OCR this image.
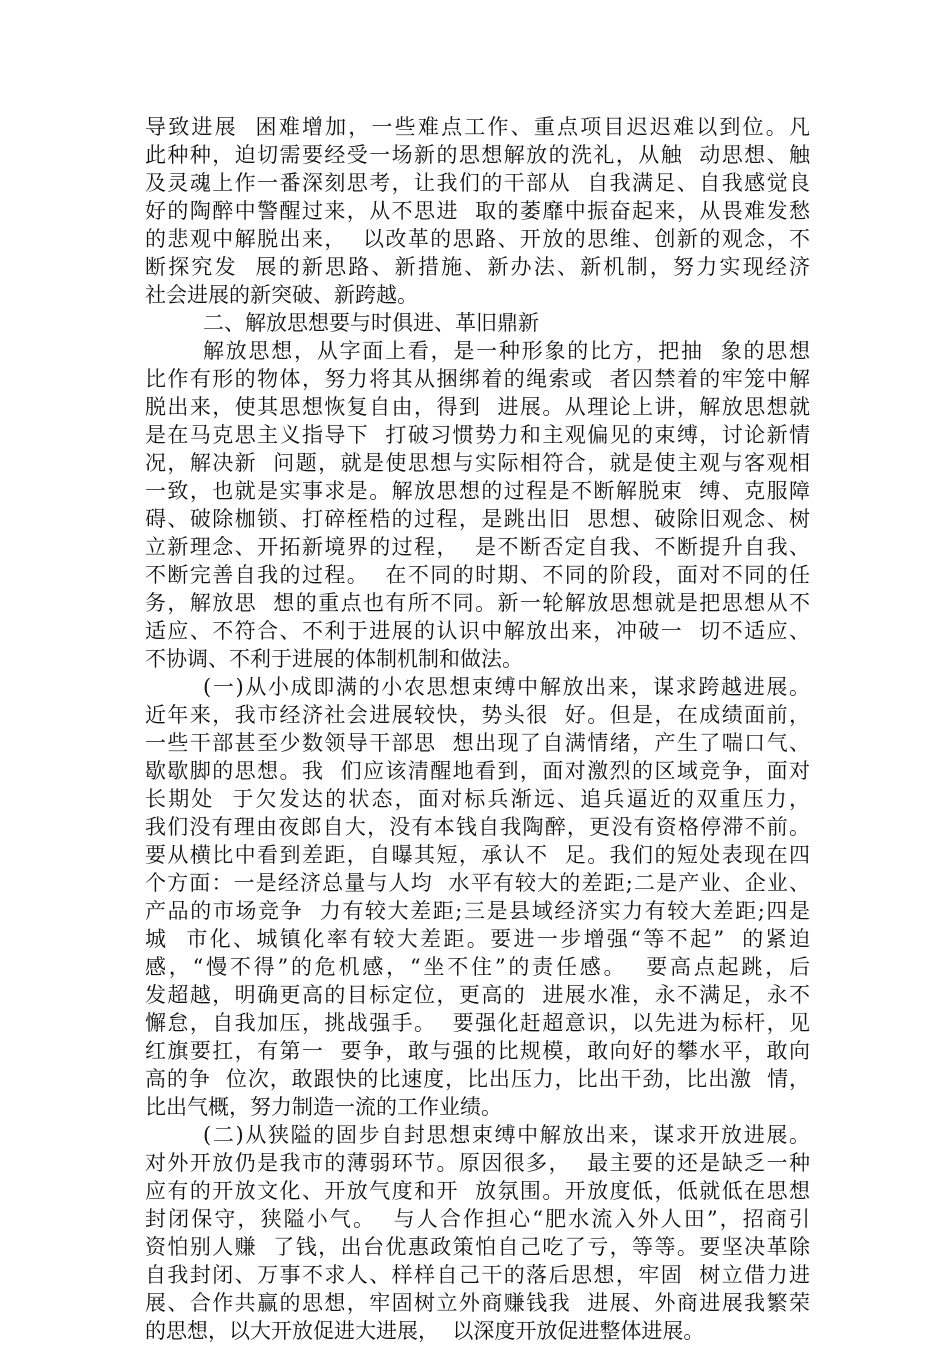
导致进展  困难增加，一些难点工作、重点项目迟迟难以到位。凡
此种种，迫切需要经受一场新的思想解放的洗礼，从触  动思想、触
及灵魂上作一番深刻思考，让我们的干部从  自我满足、自我感觉良
好的陶醉中警醒过来，从不思进  取的萎靡中振奋起来，从畏难发愁
的悲观中解脱出来，  以改革的思路、开放的思维、创新的观念，不
断探究发  展的新思路、新措施、新办法、新机制，努力实现经济
社会进展的新突破、新跨越。
二、解放思想要与时俱进、革旧鼎新
解放思想，从字面上看，是一种形象的比方，把抽  象的思想
比作有形的物体，努力将其从捆绑着的绳索或  者囚禁着的牢笼中解
脱出来，使其思想恢复自由，得到  进展。从理论上讲，解放思想就
是在马克思主义指导下  打破习惯势力和主观偏见的束缚，讨论新情
况，解决新  问题，就是使思想与实际相符合，就是使主观与客观相
一致，也就是实事求是。解放思想的过程是不断解脱束  缚、克服障
碍、破除枷锁、打碎桎梏的过程，是跳出旧  思想、破除旧观念、树
立新理念、开拓新境界的过程，  是不断否定自我、不断提升自我、
不断完善自我的过程。  在不同的时期、不同的阶段，面对不同的任
务，解放思  想的重点也有所不同。新一轮解放思想就是把思想从不
适应、不符合、不利于进展的认识中解放出来，冲破一  切不适应、
不协调、不利于进展的体制机制和做法。
(一)从小成即满的小农思想束缚中解放出来，谋求跨越进展。
近年来，我市经济社会进展较快，势头很  好。但是，在成绩面前，
一些干部甚至少数领导干部思  想出现了自满情绪，产生了喘口气、
歇歇脚的思想。我  们应该清醒地看到，面对激烈的区域竞争，面对
长期处  于欠发达的状态，面对标兵渐远、追兵逼近的双重压力，
我们没有理由夜郎自大，没有本钱自我陶醉，更没有资格停滞不前。
要从横比中看到差距，自曝其短，承认不  足。我们的短处表现在四
个方面：一是经济总量与人均  水平有较大的差距;二是产业、企业、
产品的市场竞争  力有较大差距;三是县域经济实力有较大差距;四是
城  市化、城镇化率有较大差距。要进一步增强“等不起”  的紧迫
感，“慢不得”的危机感，“坐不住”的责任感。  要高点起跳，后
发超越，明确更高的目标定位，更高的  进展水准，永不满足，永不
懈怠，自我加压，挑战强手。  要强化赶超意识，以先进为标杆，见
红旗要扛，有第一  要争，敢与强的比规模，敢向好的攀水平，敢向
高的争  位次，敢跟快的比速度，比出压力，比出干劲，比出激  情，
比出气概，努力制造一流的工作业绩。
(二)从狭隘的固步自封思想束缚中解放出来，谋求开放进展。
对外开放仍是我市的薄弱环节。原因很多，  最主要的还是缺乏一种
应有的开放文化、开放气度和开  放氛围。开放度低，低就低在思想
封闭保守，狭隘小气。  与人合作担心“肥水流入外人田”，招商引
资怕别人赚  了钱，出台优惠政策怕自己吃了亏，等等。要坚决革除
自我封闭、万事不求人、样样自己干的落后思想，牢固  树立借力进
展、合作共赢的思想，牢固树立外商赚钱我  进展、外商进展我繁荣
的思想，以大开放促进大进展，  以深度开放促进整体进展。
